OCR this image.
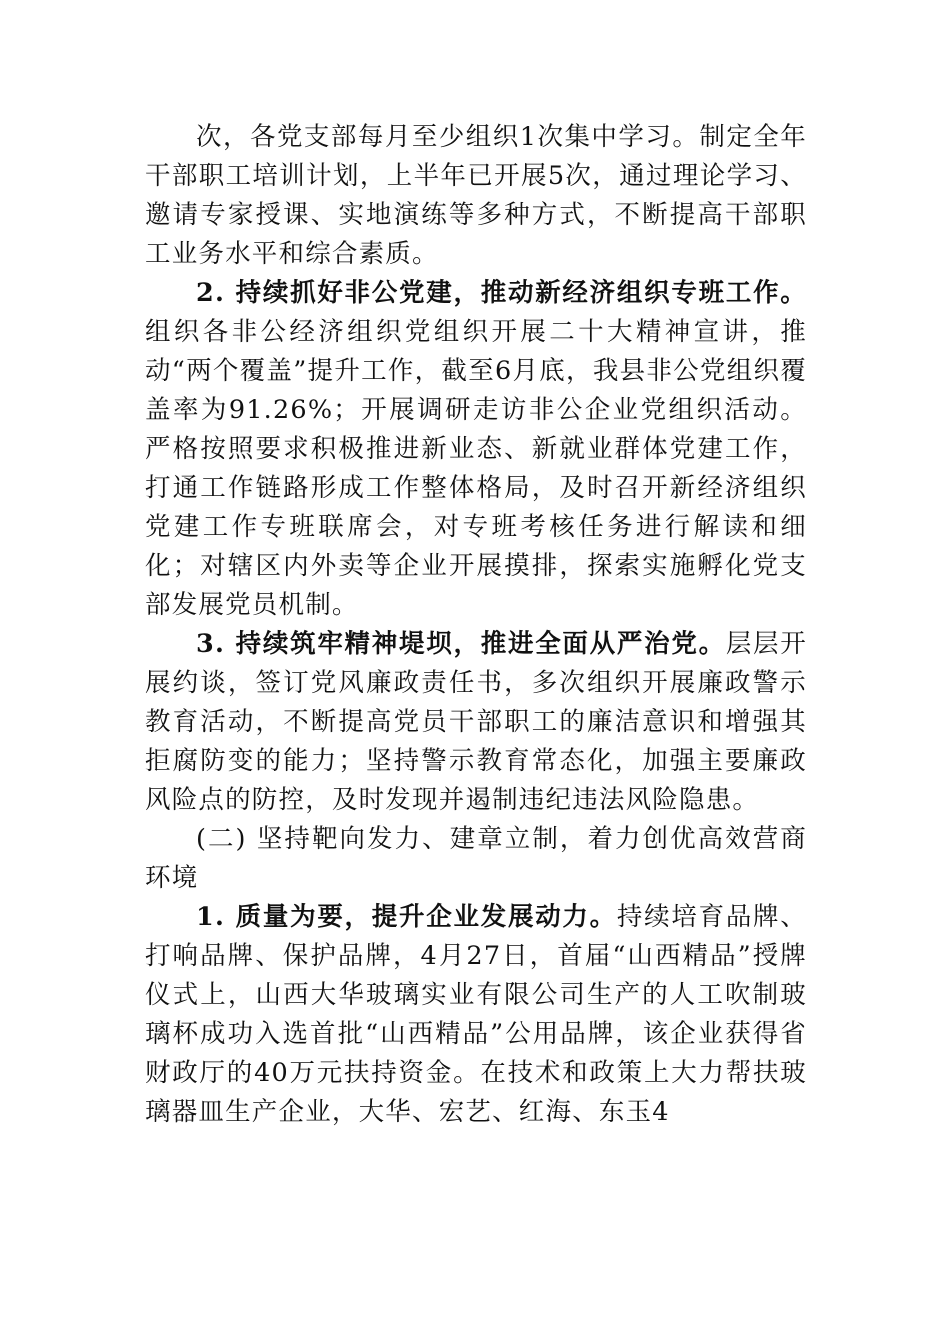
次，各党支部每月至少组织1次集中学习。制定全年干部职工培训计划，上半年已开展5次，通过理论学习、邀请专家授课、实地演练等多种方式，不断提高干部职工业务水平和综合素质。

2. 持续抓好非公党建，推动新经济组织专班工作。组织各非公经济组织党组织开展二十大精神宣讲，推动“两个覆盖”提升工作，截至6月底，我县非公党组织覆盖率为91.26%；开展调研走访非公企业党组织活动。严格按照要求积极推进新业态、新就业群体党建工作，打通工作链路形成工作整体格局，及时召开新经济组织党建工作专班联席会，对专班考核任务进行解读和细化；对辖区内外卖等企业开展摸排，探索实施孵化党支部发展党员机制。

3. 持续筑牢精神堤坝，推进全面从严治党。层层开展约谈，签订党风廉政责任书，多次组织开展廉政警示教育活动，不断提高党员干部职工的廉洁意识和增强其拒腐防变的能力；坚持警示教育常态化，加强主要廉政风险点的防控，及时发现并遏制违纪违法风险隐患。

(二) 坚持靶向发力、建章立制，着力创优高效营商环境

1. 质量为要，提升企业发展动力。持续培育品牌、打响品牌、保护品牌，4月27日，首届“山西精品”授牌仪式上，山西大华玻璃实业有限公司生产的人工吹制玻璃杯成功入选首批“山西精品”公用品牌，该企业获得省财政厅的40万元扶持资金。在技术和政策上大力帮扶玻璃器皿生产企业，大华、宏艺、红海、东玉4
